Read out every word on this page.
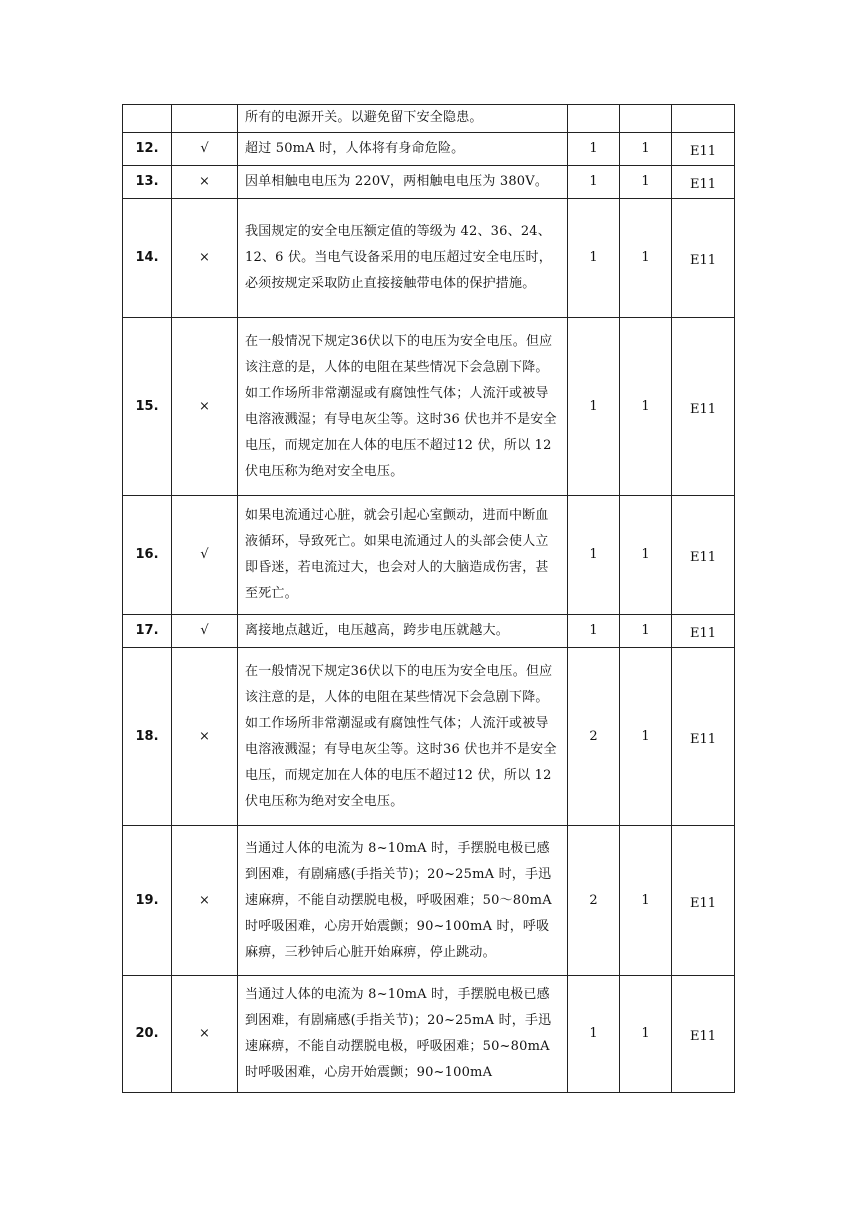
		所有的电源开关。以避免留下安全隐患。			
12.	√	超过 50mA 时，人体将有身命危险。	1	1	E11
13.	×	因单相触电电压为 220V，两相触电电压为 380V。	1	1	E11
14.	×	我国规定的安全电压额定值的等级为 42、36、24、12、6 伏。当电气设备采用的电压超过安全电压时，必须按规定采取防止直接接触带电体的保护措施。	1	1	E11
15.	×	在一般情况下规定36伏以下的电压为安全电压。但应该注意的是，人体的电阻在某些情况下会急剧下降。如工作场所非常潮湿或有腐蚀性气体；人流汗或被导电溶液溅湿；有导电灰尘等。这时36 伏也并不是安全电压，而规定加在人体的电压不超过12 伏，所以 12 伏电压称为绝对安全电压。	1	1	E11
16.	√	如果电流通过心脏，就会引起心室颤动，进而中断血液循环，导致死亡。如果电流通过人的头部会使人立即昏迷，若电流过大，也会对人的大脑造成伤害，甚至死亡。	1	1	E11
17.	√	离接地点越近，电压越高，跨步电压就越大。	1	1	E11
18.	×	在一般情况下规定36伏以下的电压为安全电压。但应该注意的是，人体的电阻在某些情况下会急剧下降。如工作场所非常潮湿或有腐蚀性气体；人流汗或被导电溶液溅湿；有导电灰尘等。这时36 伏也并不是安全电压，而规定加在人体的电压不超过12 伏，所以 12 伏电压称为绝对安全电压。	2	1	E11
19.	×	当通过人体的电流为 8~10mA 时，手摆脱电极已感到困难，有剧痛感(手指关节)；20~25mA 时，手迅速麻痹，不能自动摆脱电极，呼吸困难；50～80mA 时呼吸困难，心房开始震颤；90~100mA 时，呼吸麻痹，三秒钟后心脏开始麻痹，停止跳动。	2	1	E11
20.	×	当通过人体的电流为 8~10mA 时，手摆脱电极已感到困难，有剧痛感(手指关节)；20~25mA 时，手迅速麻痹，不能自动摆脱电极，呼吸困难；50~80mA 时呼吸困难，心房开始震颤；90~100mA	1	1	E11
